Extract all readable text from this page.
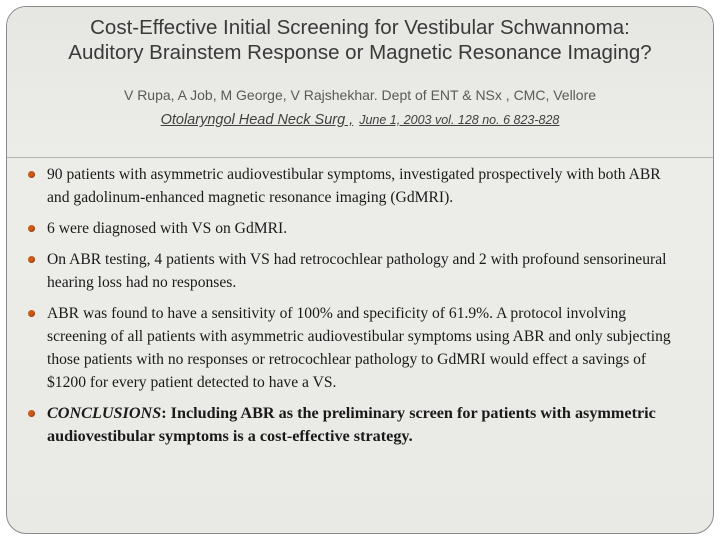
Cost-Effective Initial Screening for Vestibular Schwannoma:
Auditory Brainstem Response or Magnetic Resonance Imaging?
V Rupa, A Job, M George, V Rajshekhar. Dept of ENT & NSx , CMC, Vellore
Otolaryngol Head Neck Surg , June 1, 2003 vol. 128 no. 6 823-828
90 patients with asymmetric audiovestibular symptoms, investigated prospectively with both ABR and gadolinum-enhanced magnetic resonance imaging (GdMRI).
6 were diagnosed with VS on GdMRI.
On ABR testing, 4 patients with VS had retrocochlear pathology and 2 with profound sensorineural hearing loss had no responses.
ABR was found to have a sensitivity of 100% and specificity of 61.9%. A protocol involving screening of all patients with asymmetric audiovestibular symptoms using ABR and only subjecting those patients with no responses or retrocochlear pathology to GdMRI would effect a savings of $1200 for every patient detected to have a VS.
CONCLUSIONS: Including ABR as the preliminary screen for patients with asymmetric audiovestibular symptoms is a cost-effective strategy.
